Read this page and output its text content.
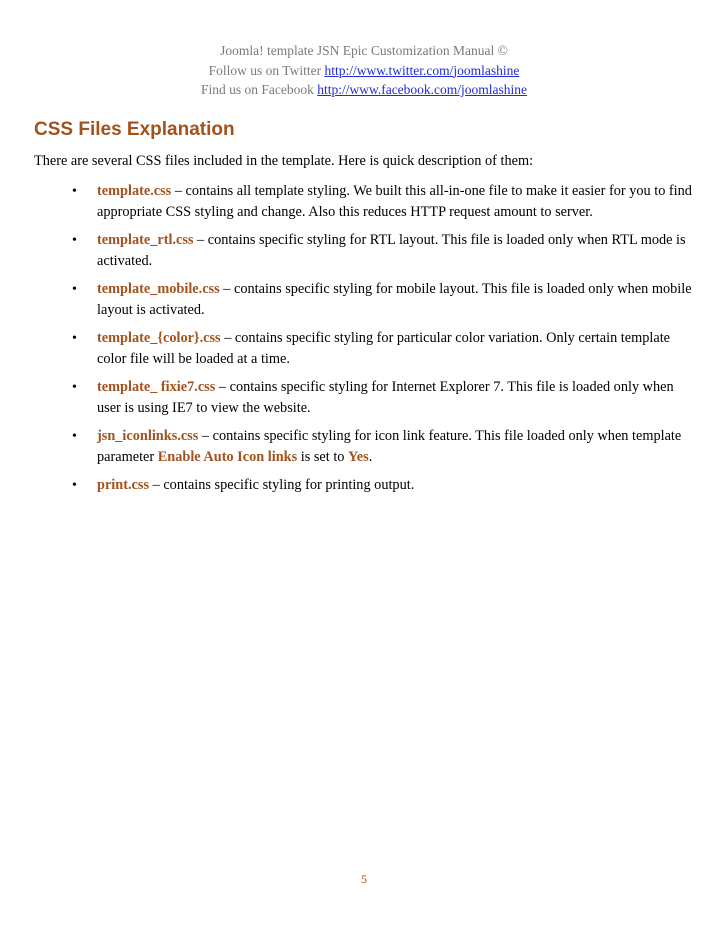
Joomla! template JSN Epic Customization Manual ©
Follow us on Twitter http://www.twitter.com/joomlashine
Find us on Facebook http://www.facebook.com/joomlashine
CSS Files Explanation

There are several CSS files included in the template. Here is quick description of them:

• template.css – contains all template styling. We built this all-in-one file to make it easier for you to find appropriate CSS styling and change. Also this reduces HTTP request amount to server.
• template_rtl.css – contains specific styling for RTL layout. This file is loaded only when RTL mode is activated.
• template_mobile.css – contains specific styling for mobile layout. This file is loaded only when mobile layout is activated.
• template_{color}.css – contains specific styling for particular color variation. Only certain template color file will be loaded at a time.
• template_ fixie7.css – contains specific styling for Internet Explorer 7. This file is loaded only when user is using IE7 to view the website.
• jsn_iconlinks.css – contains specific styling for icon link feature. This file loaded only when template parameter Enable Auto Icon links is set to Yes.
• print.css – contains specific styling for printing output.
5
